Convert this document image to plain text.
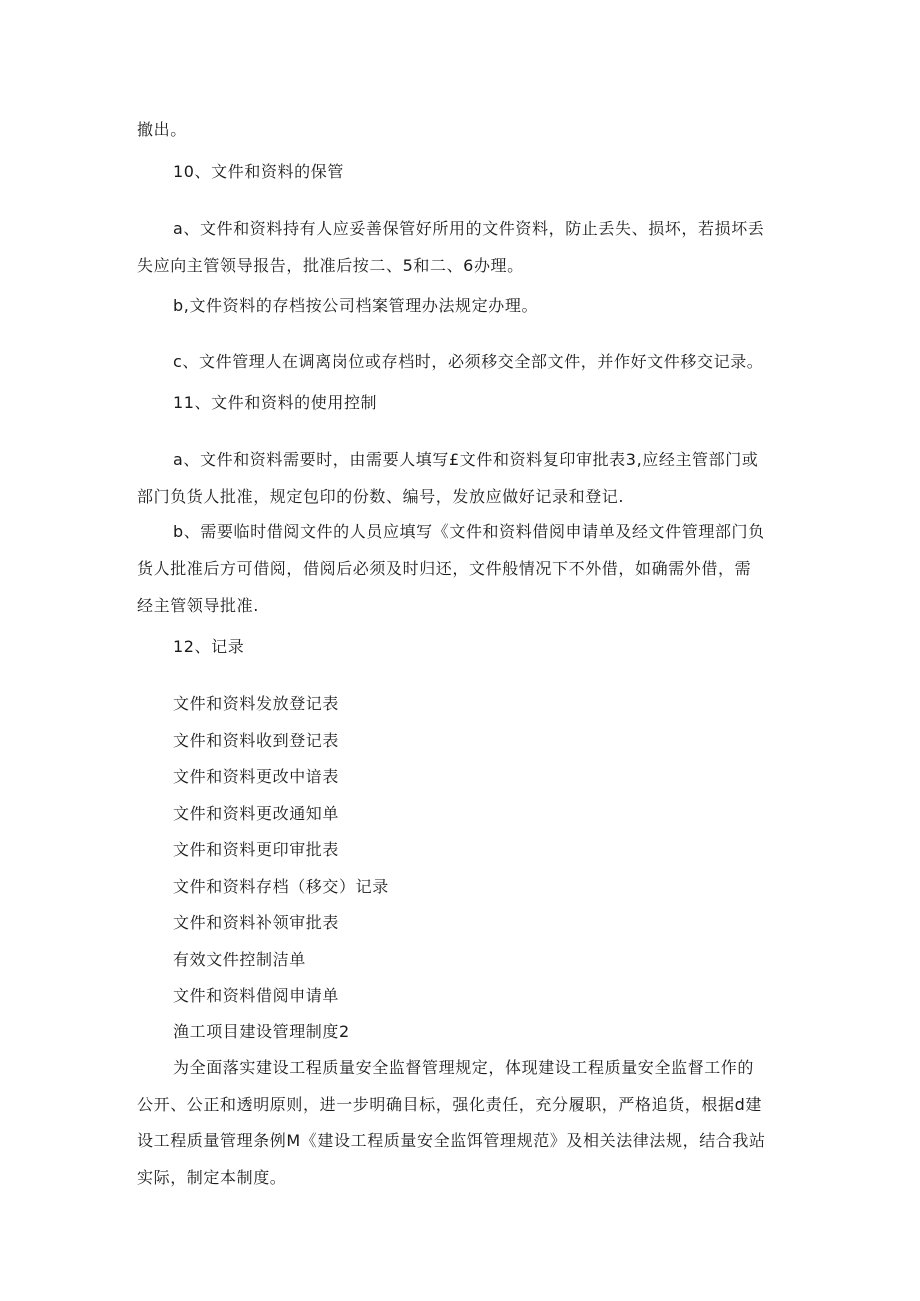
撤出。
10、文件和资料的保管
a、文件和资料持有人应妥善保管好所用的文件资料，防止丢失、损坏，若损坏丢
失应向主管领导报告，批准后按二、5和二、6办理。
b,文件资料的存档按公司档案管理办法规定办理。
c、文件管理人在调离岗位或存档时，必须移交全部文件，并作好文件移交记录。
11、文件和资料的使用控制
a、文件和资料需要时，由需要人填写£文件和资料复印审批表3,应经主管部门或
部门负货人批准，规定包印的份数、编号，发放应做好记录和登记.
b、需要临时借阅文件的人员应填写《文件和资料借阅申请单及经文件管理部门负
货人批准后方可借阅，借阅后必须及时归还，文件般情况下不外借，如确需外借，需
经主管领导批准.
12、记录
文件和资料发放登记表
文件和资料收到登记表
文件和资料更改中谙表
文件和资料更改通知单
文件和资料更印审批表
文件和资料存档（移交）记录
文件和资料补领审批表
有效文件控制洁单
文件和资料借阅申请单
渔工项目建设管理制度2
为全面落实建设工程质量安全监督管理规定，体现建设工程质量安全监督工作的
公开、公正和透明原则，进一步明确目标，强化责任，充分履职，严格追货，根据d建
设工程质量管理条例M《建设工程质量安全监饵管理规范》及相关法律法规，结合我站
实际，制定本制度。
